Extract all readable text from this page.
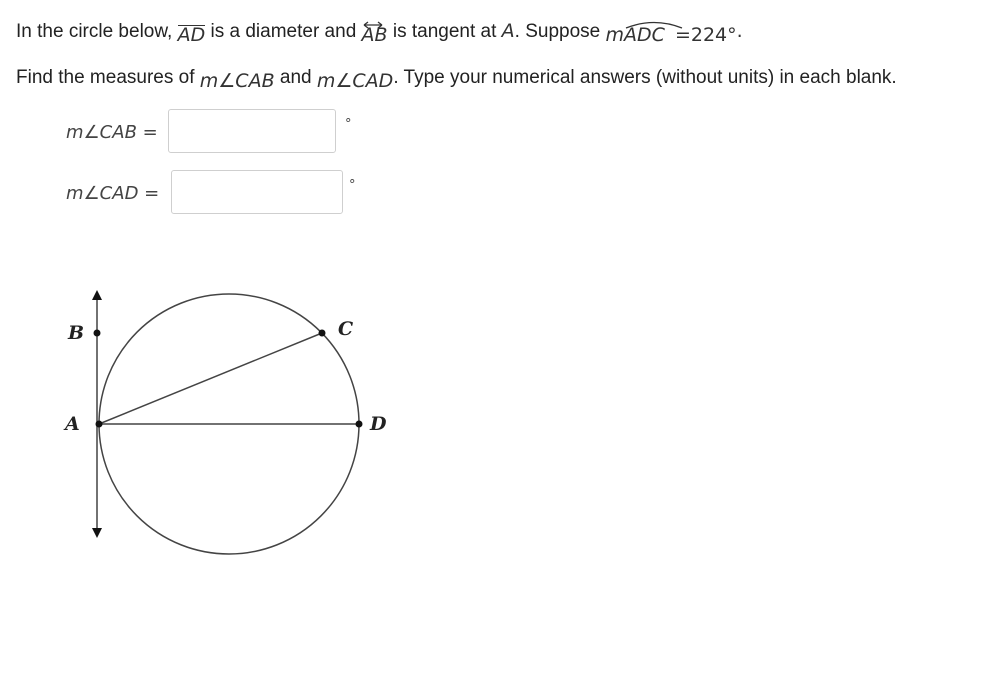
In the circle below,
AD is a diameter and
AB is tangent at A. Suppose m
ADC =224°.
Find the measures of m∠CAB and m∠CAD. Type your numerical answers (without units) in each blank.
m∠CAB =	°
m∠CAD =	°
B
A
C
D
